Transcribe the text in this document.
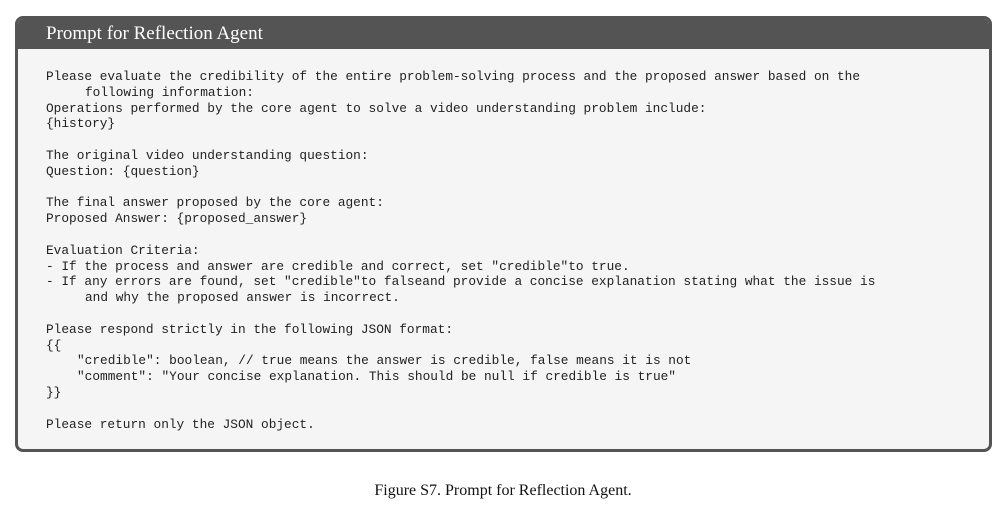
Prompt for Reflection Agent
Please evaluate the credibility of the entire problem-solving process and the proposed answer based on the
following information:
Operations performed by the core agent to solve a video understanding problem include:
{history}
The original video understanding question:
Question: {question}
The final answer proposed by the core agent:
Proposed Answer: {proposed_answer}
Evaluation Criteria:
- If the process and answer are credible and correct, set "credible"to true.
- If any errors are found, set "credible"to falseand provide a concise explanation stating what the issue is
and why the proposed answer is incorrect.
Please respond strictly in the following JSON format:
{{
"credible": boolean, // true means the answer is credible, false means it is not
"comment": "Your concise explanation. This should be null if credible is true"
}}
Please return only the JSON object.
Figure S7. Prompt for Reflection Agent.
